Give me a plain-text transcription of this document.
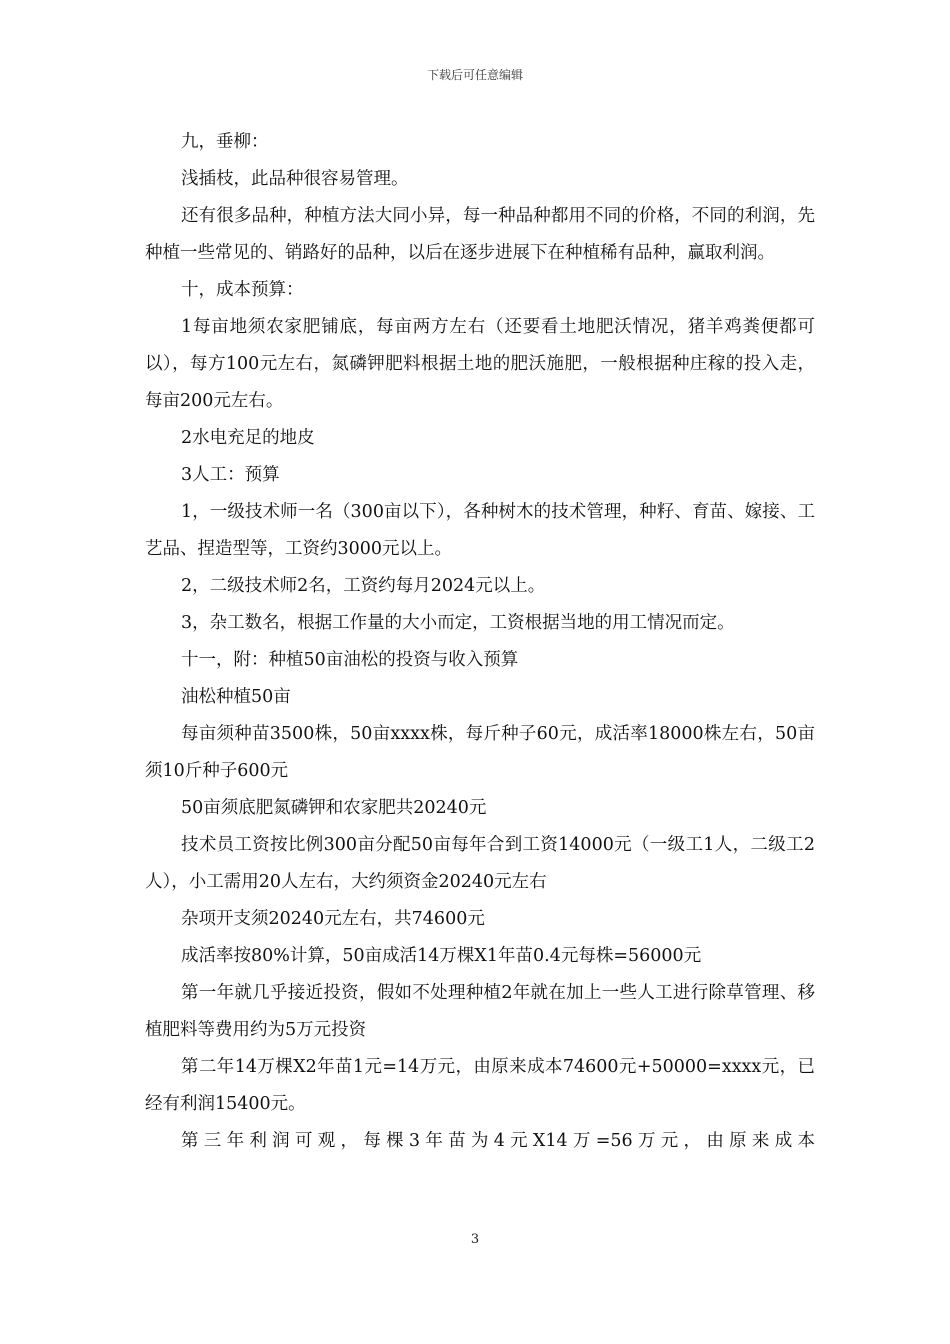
下载后可任意编辑

九，垂柳：

浅插枝，此品种很容易管理。

还有很多品种，种植方法大同小异，每一种品种都用不同的价格，不同的利润，先种植一些常见的、销路好的品种，以后在逐步进展下在种植稀有品种，赢取利润。

十，成本预算：

1每亩地须农家肥铺底，每亩两方左右（还要看土地肥沃情况，猪羊鸡粪便都可以），每方100元左右，氮磷钾肥料根据土地的肥沃施肥，一般根据种庄稼的投入走，每亩200元左右。

2水电充足的地皮

3人工：预算

1，一级技术师一名（300亩以下），各种树木的技术管理，种籽、育苗、嫁接、工艺品、捏造型等，工资约3000元以上。

2，二级技术师2名，工资约每月2024元以上。

3，杂工数名，根据工作量的大小而定，工资根据当地的用工情况而定。

十一，附：种植50亩油松的投资与收入预算

油松种植50亩

每亩须种苗3500株，50亩xxxx株，每斤种子60元，成活率18000株左右，50亩须10斤种子600元

50亩须底肥氮磷钾和农家肥共20240元

技术员工资按比例300亩分配50亩每年合到工资14000元（一级工1人，二级工2人），小工需用20人左右，大约须资金20240元左右

杂项开支须20240元左右，共74600元

成活率按80%计算，50亩成活14万棵X1年苗0.4元每株=56000元

第一年就几乎接近投资，假如不处理种植2年就在加上一些人工进行除草管理、移植肥料等费用约为5万元投资

第二年14万棵X2年苗1元=14万元，由原来成本74600元+50000=xxxx元，已经有利润15400元。

第三年利润可观，每棵3年苗为4元X14万=56万元，由原来成本

3
